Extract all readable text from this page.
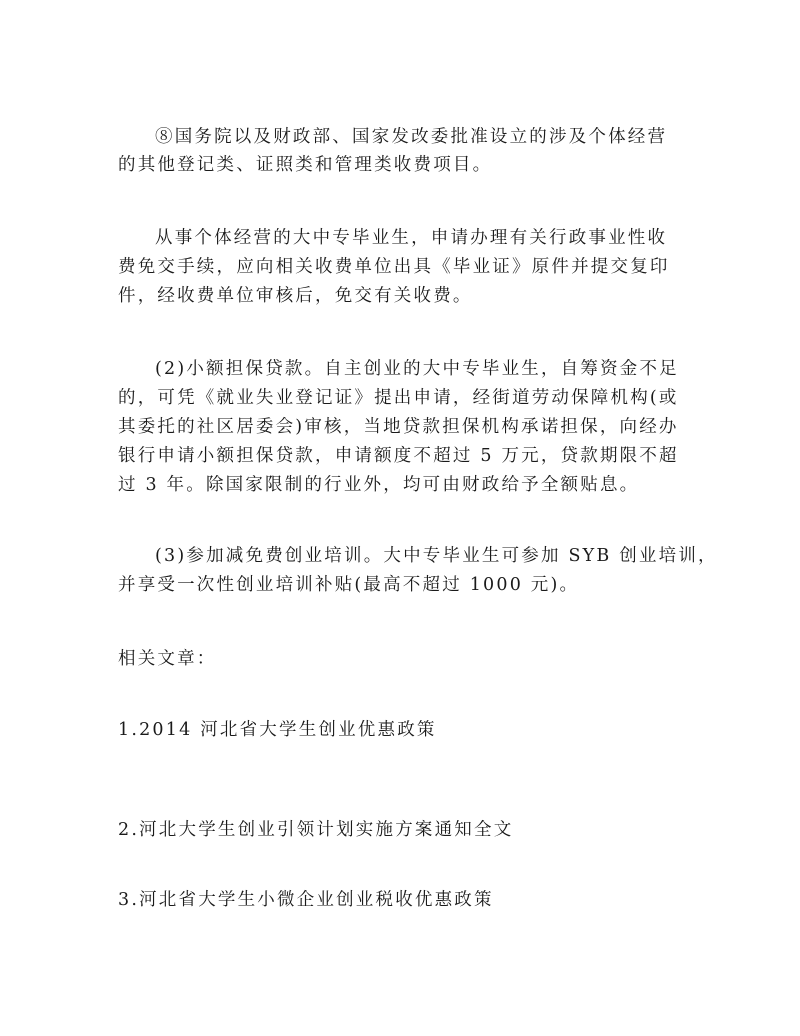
⑧国务院以及财政部、国家发改委批准设立的涉及个体经营
的其他登记类、证照类和管理类收费项目。
从事个体经营的大中专毕业生，申请办理有关行政事业性收
费免交手续，应向相关收费单位出具《毕业证》原件并提交复印
件，经收费单位审核后，免交有关收费。
(2)小额担保贷款。自主创业的大中专毕业生，自筹资金不足
的，可凭《就业失业登记证》提出申请，经街道劳动保障机构(或
其委托的社区居委会)审核，当地贷款担保机构承诺担保，向经办
银行申请小额担保贷款，申请额度不超过 5 万元，贷款期限不超
过 3 年。除国家限制的行业外，均可由财政给予全额贴息。
(3)参加减免费创业培训。大中专毕业生可参加 SYB 创业培训，
并享受一次性创业培训补贴(最高不超过 1000 元)。
相关文章：
1.2014 河北省大学生创业优惠政策
2.河北大学生创业引领计划实施方案通知全文
3.河北省大学生小微企业创业税收优惠政策
